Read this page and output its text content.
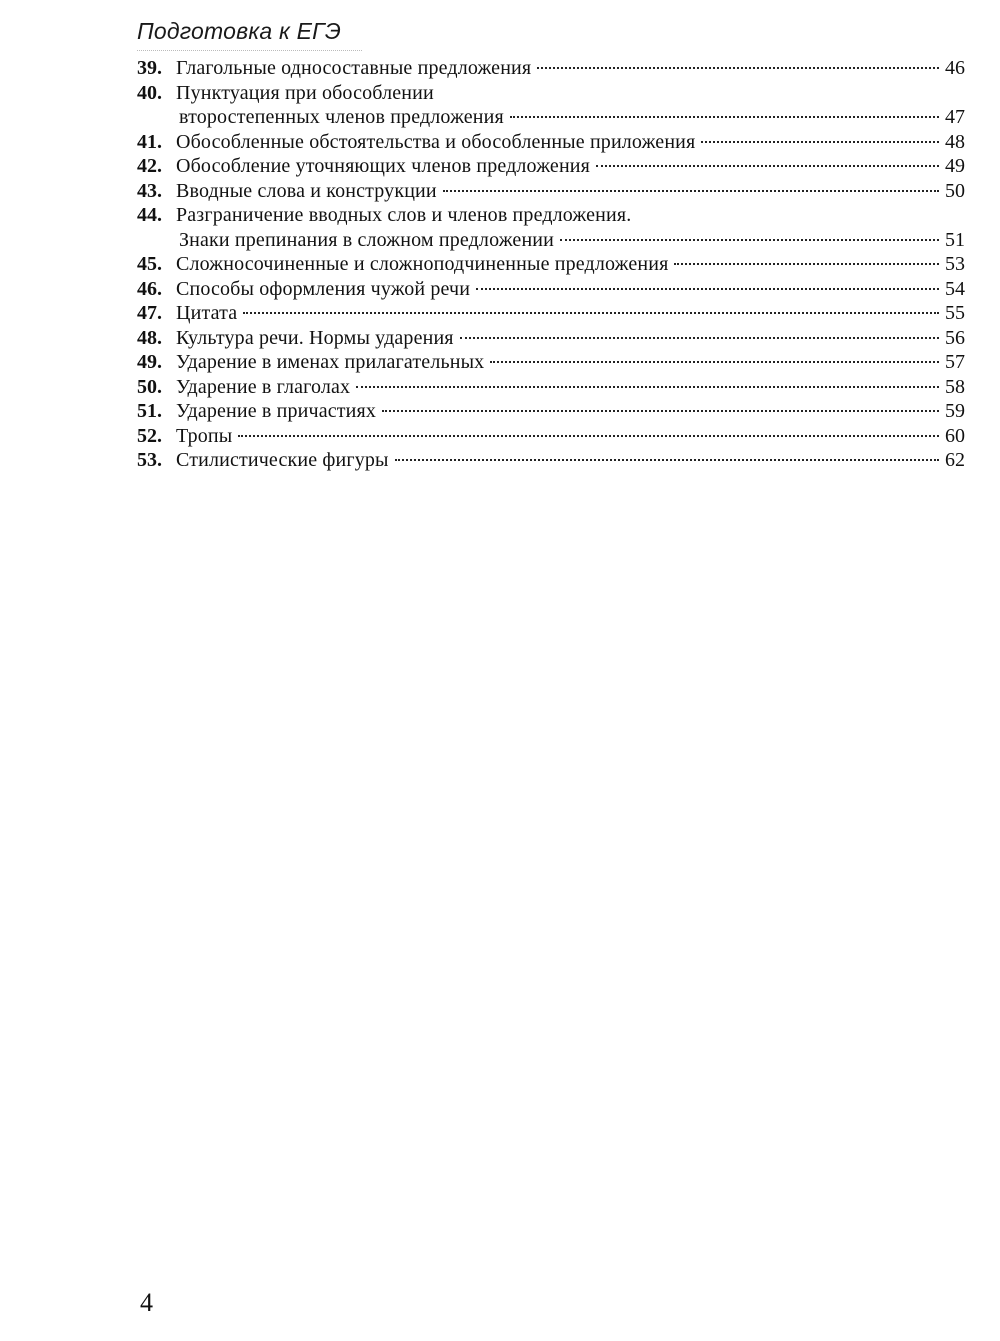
Подготовка к ЕГЭ
39. Глагольные односоставные предложения	46
40. Пунктуация при обособлении
второстепенных членов предложения	47
41. Обособленные обстоятельства и обособленные приложения	48
42. Обособление уточняющих членов предложения	49
43. Вводные слова и конструкции	50
44. Разграничение вводных слов и членов предложения.
Знаки препинания в сложном предложении	51
45. Сложносочиненные и сложноподчиненные предложения	53
46. Способы оформления чужой речи	54
47. Цитата	55
48. Культура речи. Нормы ударения	56
49. Ударение в именах прилагательных	57
50. Ударение в глаголах	58
51. Ударение в причастиях	59
52. Тропы	60
53. Стилистические фигуры	62
4
